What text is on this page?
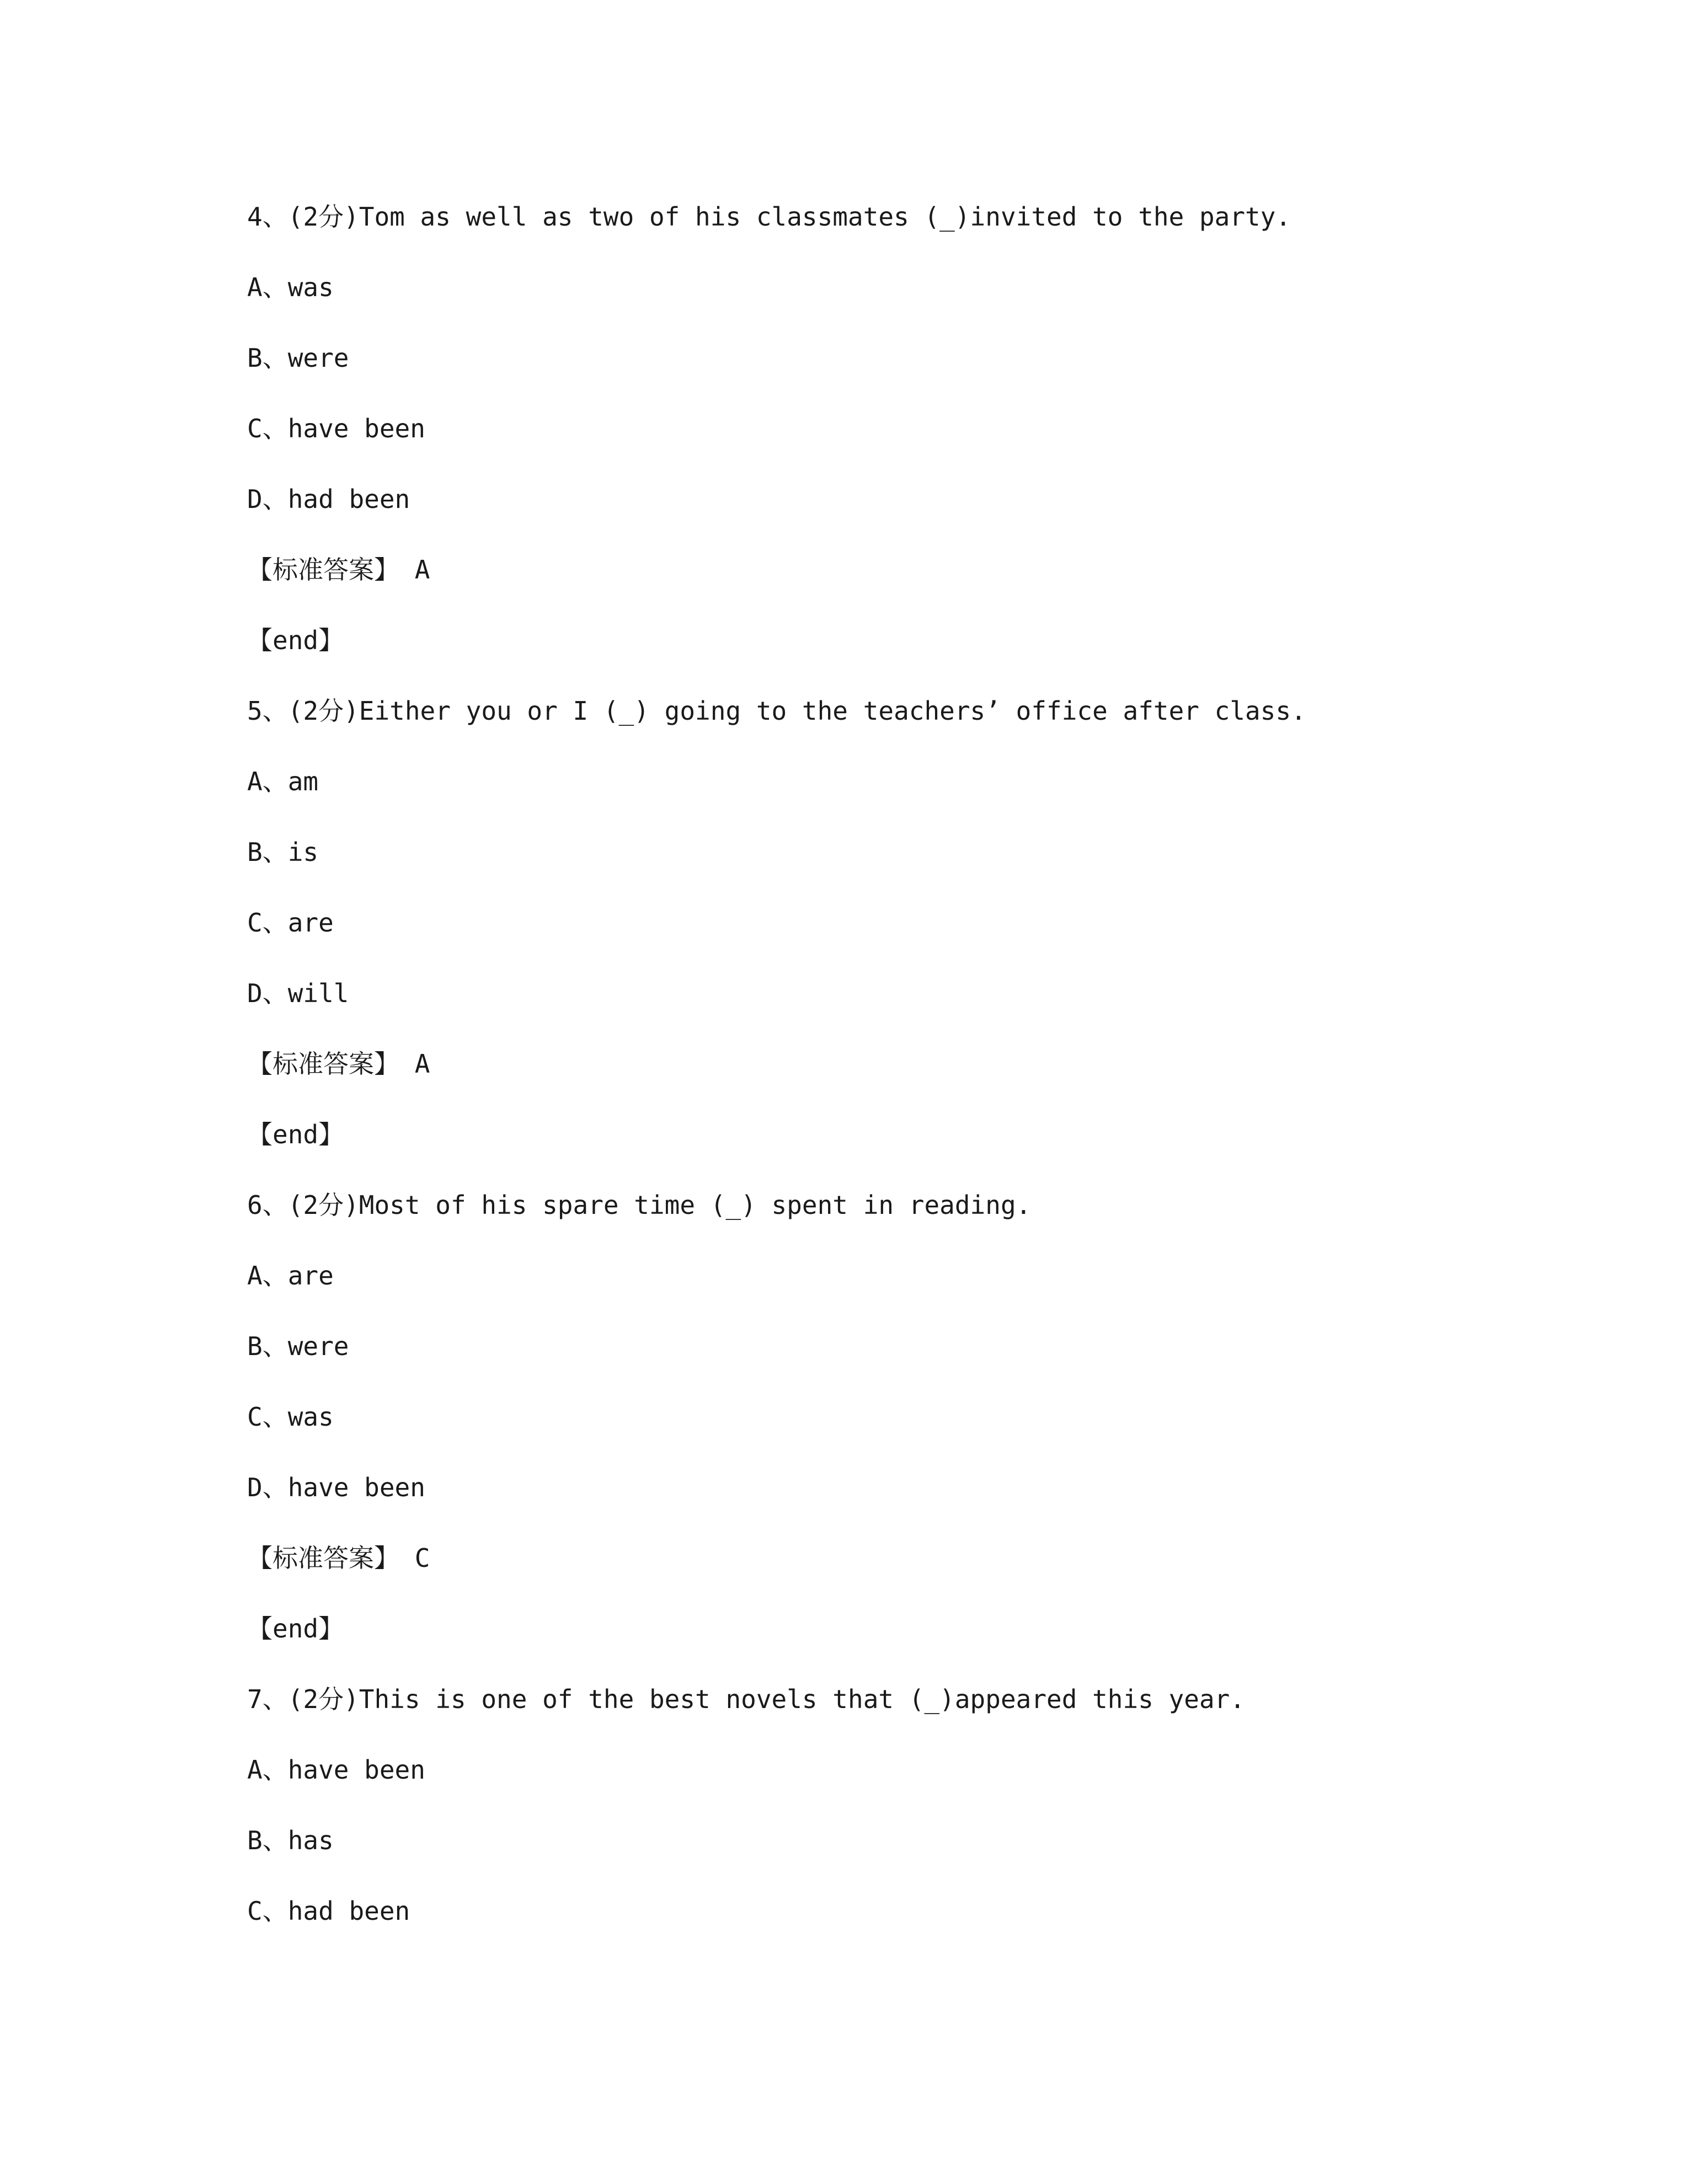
4、(2分)Tom as well as two of his classmates (_)invited to the party.
A、was
B、were
C、have been
D、had been
【标准答案】 A
【end】
5、(2分)Either you or I (_) going to the teachers’ office after class.
A、am
B、is
C、are
D、will
【标准答案】 A
【end】
6、(2分)Most of his spare time (_) spent in reading.
A、are
B、were
C、was
D、have been
【标准答案】 C
【end】
7、(2分)This is one of the best novels that (_)appeared this year.
A、have been
B、has
C、had been
